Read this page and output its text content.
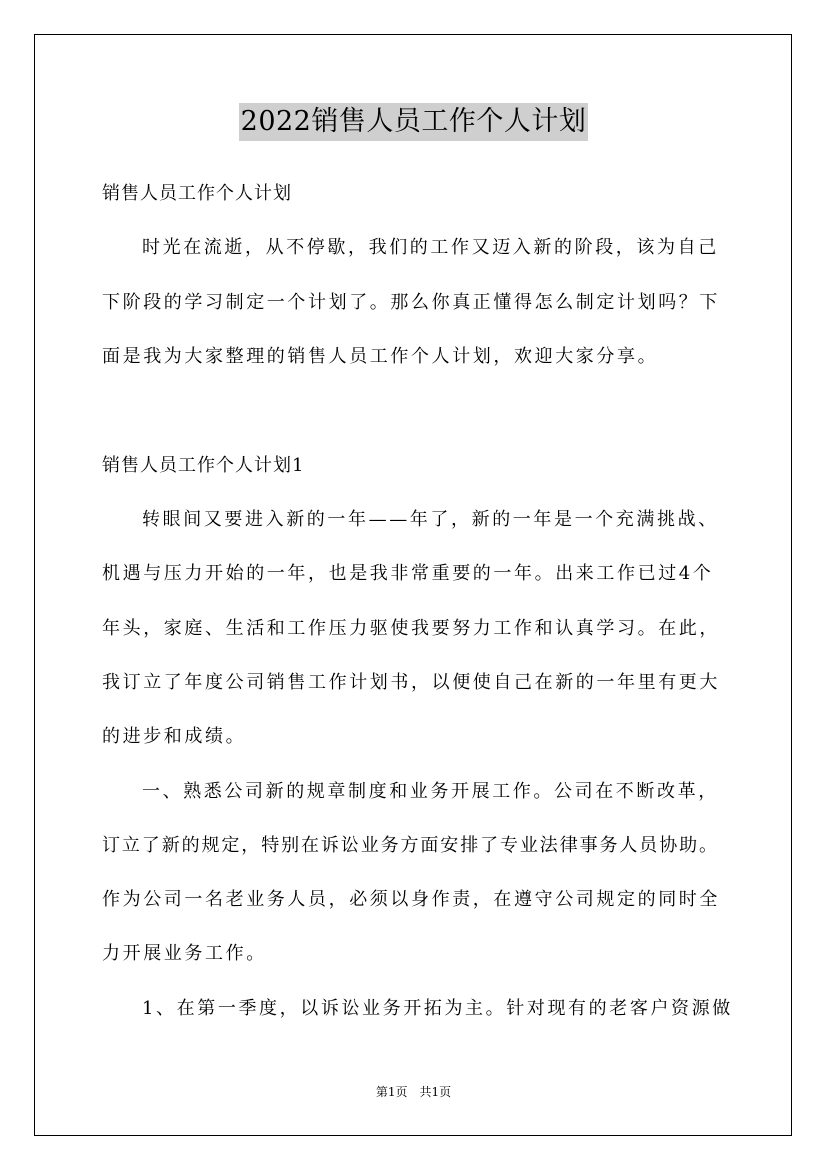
2022销售人员工作个人计划
销售人员工作个人计划
时光在流逝，从不停歇，我们的工作又迈入新的阶段，该为自己
下阶段的学习制定一个计划了。那么你真正懂得怎么制定计划吗？下
面是我为大家整理的销售人员工作个人计划，欢迎大家分享。
销售人员工作个人计划1
转眼间又要进入新的一年——年了，新的一年是一个充满挑战、
机遇与压力开始的一年，也是我非常重要的一年。出来工作已过4个
年头，家庭、生活和工作压力驱使我要努力工作和认真学习。在此，
我订立了年度公司销售工作计划书，以便使自己在新的一年里有更大
的进步和成绩。
一、熟悉公司新的规章制度和业务开展工作。公司在不断改革，
订立了新的规定，特别在诉讼业务方面安排了专业法律事务人员协助。
作为公司一名老业务人员，必须以身作责，在遵守公司规定的同时全
力开展业务工作。
1、在第一季度，以诉讼业务开拓为主。针对现有的老客户资源做
第1页　共1页
